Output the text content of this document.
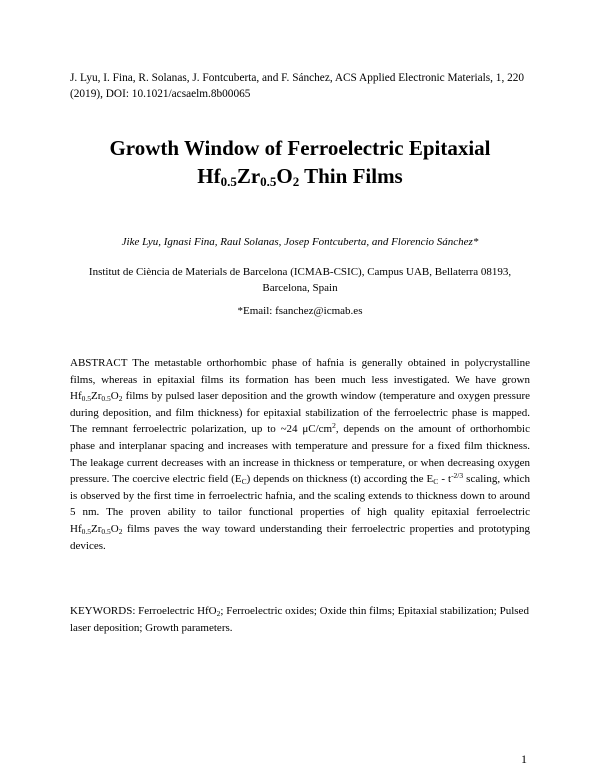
J. Lyu, I. Fina, R. Solanas, J. Fontcuberta, and F. Sánchez, ACS Applied Electronic Materials, 1, 220 (2019), DOI: 10.1021/acsaelm.8b00065
Growth Window of Ferroelectric Epitaxial
$Hf_{0.5}Zr_{0.5}O_2$ Thin Films
Jike Lyu, Ignasi Fina, Raul Solanas, Josep Fontcuberta, and Florencio Sánchez*
Institut de Ciència de Materials de Barcelona (ICMAB-CSIC), Campus UAB, Bellaterra 08193, Barcelona, Spain
*Email: fsanchez@icmab.es
ABSTRACT The metastable orthorhombic phase of hafnia is generally obtained in polycrystalline films, whereas in epitaxial films its formation has been much less investigated. We have grown $Hf_{0.5}Zr_{0.5}O_2$ films by pulsed laser deposition and the growth window (temperature and oxygen pressure during deposition, and film thickness) for epitaxial stabilization of the ferroelectric phase is mapped. The remnant ferroelectric polarization, up to ~24 $\mu C/cm^2$, depends on the amount of orthorhombic phase and interplanar spacing and increases with temperature and pressure for a fixed film thickness. The leakage current decreases with an increase in thickness or temperature, or when decreasing oxygen pressure. The coercive electric field $(E_C)$ depends on thickness (t) according the $E_C - t^{-2/3}$ scaling, which is observed by the first time in ferroelectric hafnia, and the scaling extends to thickness down to around 5 nm. The proven ability to tailor functional properties of high quality epitaxial ferroelectric $Hf_{0.5}Zr_{0.5}O_2$ films paves the way toward understanding their ferroelectric properties and prototyping devices.
KEYWORDS: Ferroelectric HfO$_2$; Ferroelectric oxides; Oxide thin films; Epitaxial stabilization; Pulsed laser deposition; Growth parameters.
1
